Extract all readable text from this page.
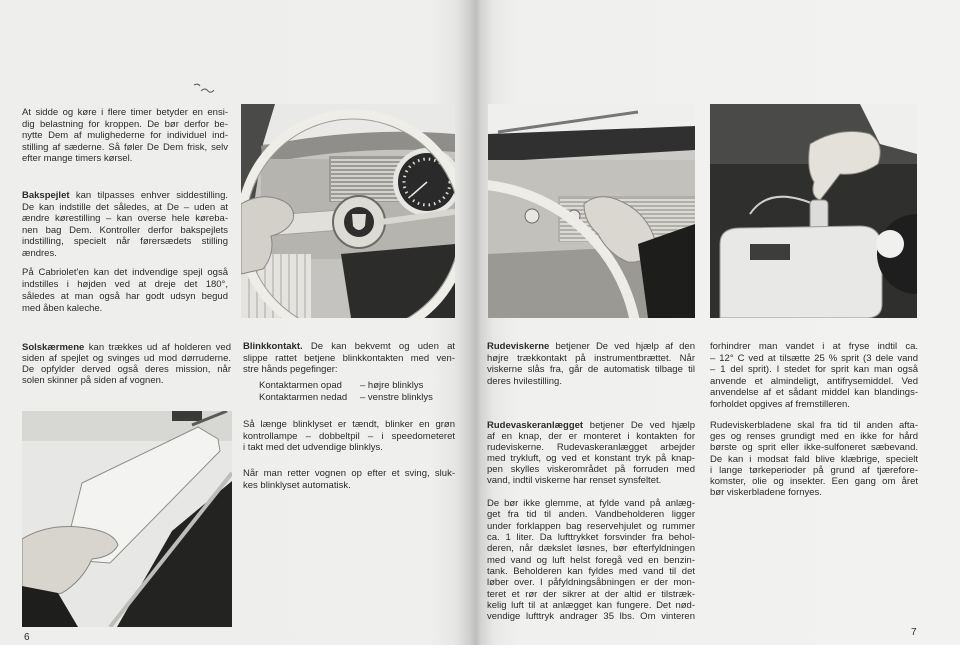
At sidde og køre i flere timer betyder en ensi-
dig belastning for kroppen. De bør derfor be-
nytte Dem af mulighederne for individuel ind-
stilling af sæderne. Så føler De Dem frisk, selv
efter mange timers kørsel.
Bakspejlet kan tilpasses enhver siddestilling.
De kan indstille det således, at De – uden at
ændre kørestilling – kan overse hele køreba-
nen bag Dem. Kontroller derfor bakspejlets
indstilling, specielt når førersædets stilling
ændres.
På Cabriolet'en kan det indvendige spejl også
indstilles i højden ved at dreje det 180°,
således at man også har godt udsyn begud
med åben kaleche.
Solskærmene kan trækkes ud af holderen ved
siden af spejlet og svinges ud mod dørruderne.
De opfylder derved også deres mission, når
solen skinner på siden af vognen.
Blinkkontakt. De kan bekvemt og uden at
slippe rattet betjene blinkkontakten med ven-
stre hånds pegefinger:
Kontaktarmen opad – højre blinklys
Kontaktarmen nedad – venstre blinklys
Så længe blinklyset er tændt, blinker en grøn
kontrollampe – dobbeltpil – i speedometeret
i takt med det udvendige blinklys.
Når man retter vognen op efter et sving, sluk-
kes blinklyset automatisk.
6
Rudeviskerne betjener De ved hjælp af den
højre trækkontakt på instrumentbrættet. Når
viskerne slås fra, går de automatisk tilbage til
deres hvilestilling.
Rudevaskeranlægget betjener De ved hjælp
af en knap, der er monteret i kontakten for
rudeviskerne. Rudevaskeranlægget arbejder
med trykluft, og ved et konstant tryk på knap-
pen skylles viskerområdet på forruden med
vand, indtil viskerne har renset synsfeltet.
De bør ikke glemme, at fylde vand på anlæg-
get fra tid til anden. Vandbeholderen ligger
under forklappen bag reservehjulet og rummer
ca. 1 liter. Da lufttrykket forsvinder fra behol-
deren, når dækslet løsnes, bør efterfyldningen
med vand og luft helst foregå ved en benzin-
tank. Beholderen kan fyldes med vand til det
løber over. I påfyldningsåbningen er der mon-
teret et rør der sikrer at der altid er tilstræk-
kelig luft til at anlægget kan fungere. Det nød-
vendige lufttryk andrager 35 lbs. Om vinteren
forhindrer man vandet i at fryse indtil ca.
– 12° C ved at tilsætte 25 % sprit (3 dele vand
– 1 del sprit). I stedet for sprit kan man også
anvende et almindeligt, antifrysemiddel. Ved
anvendelse af et sådant middel kan blandings-
forholdet opgives af fremstilleren.
Rudeviskerbladene skal fra tid til anden afta-
ges og renses grundigt med en ikke for hård
børste og sprit eller ikke-sulfoneret sæbevand.
De kan i modsat fald blive klæbrige, specielt
i lange tørkeperioder på grund af tjærefore-
komster, olie og insekter. Een gang om året
bør viskerbladene fornyes.
7
